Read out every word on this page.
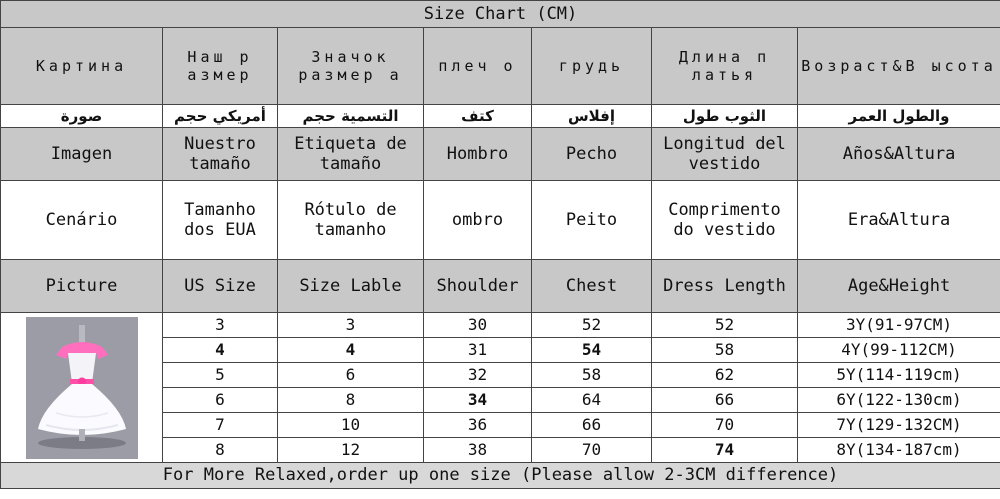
Size Chart (CM)						
Картина	Наш р азмер	Значок размер а	плеч о	грудь	Длина п латья	Возраст&В ысота
صورة	أمريكي حجم	التسمية حجم	كتف	إفلاس	الثوب طول	والطول العمر
Imagen	Nuestro tamaño	Etiqueta de tamaño	Hombro	Pecho	Longitud del vestido	Años&Altura
Cenário	Tamanho dos EUA	Rótulo de tamanho	ombro	Peito	Comprimento do vestido	Era&Altura
Picture	US Size	Size Lable	Shoulder	Chest	Dress Length	Age&Height

	3	3	30	52	52	3Y(91-97CM)
	4	4	31	54	58	4Y(99-112CM)
	5	6	32	58	62	5Y(114-119cm)
	6	8	34	64	66	6Y(122-130cm)
	7	10	36	66	70	7Y(129-132CM)
	8	12	38	70	74	8Y(134-187cm)
For More Relaxed,order up one size (Please allow 2-3CM difference)						
